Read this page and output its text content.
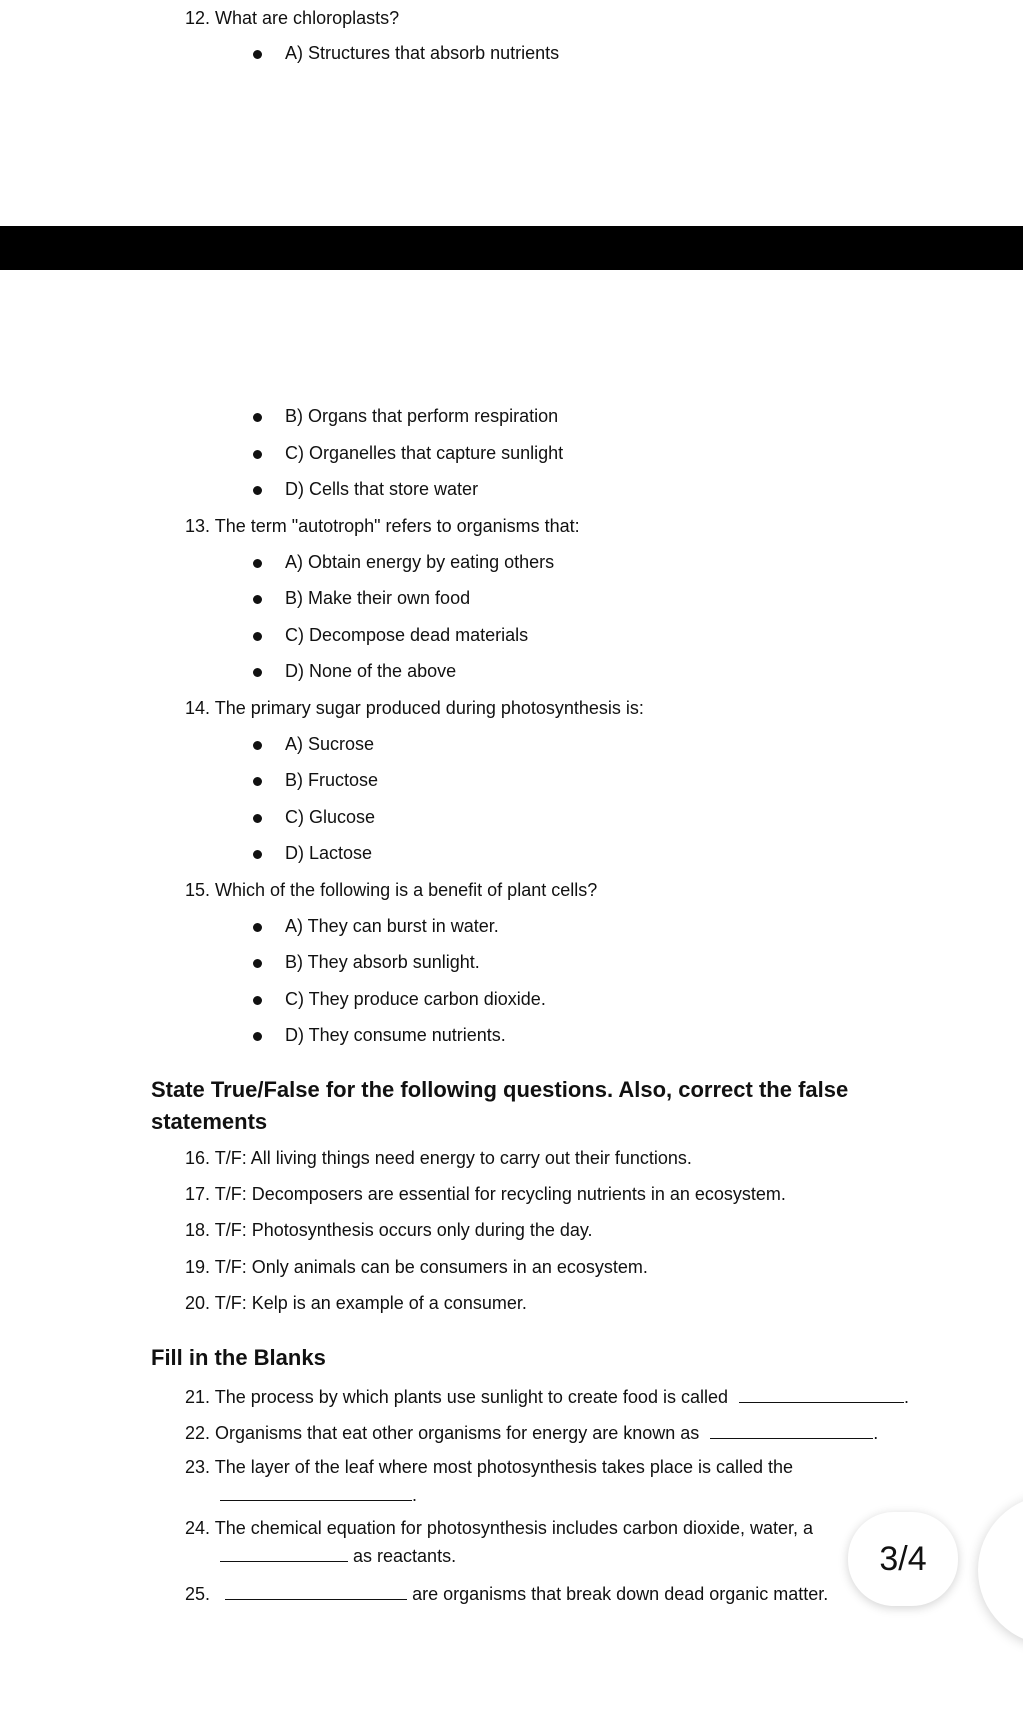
12. What are chloroplasts?
A) Structures that absorb nutrients
B) Organs that perform respiration
C) Organelles that capture sunlight
D) Cells that store water
13. The term "autotroph" refers to organisms that:
A) Obtain energy by eating others
B) Make their own food
C) Decompose dead materials
D) None of the above
14. The primary sugar produced during photosynthesis is:
A) Sucrose
B) Fructose
C) Glucose
D) Lactose
15. Which of the following is a benefit of plant cells?
A) They can burst in water.
B) They absorb sunlight.
C) They produce carbon dioxide.
D) They consume nutrients.
State True/False for the following questions. Also, correct the false
statements
16. T/F: All living things need energy to carry out their functions.
17. T/F: Decomposers are essential for recycling nutrients in an ecosystem.
18. T/F: Photosynthesis occurs only during the day.
19. T/F: Only animals can be consumers in an ecosystem.
20. T/F: Kelp is an example of a consumer.
Fill in the Blanks
21. The process by which plants use sunlight to create food is called	.
22. Organisms that eat other organisms for energy are known as	.
23. The layer of the leaf where most photosynthesis takes place is called the
.
24. The chemical equation for photosynthesis includes carbon dioxide, water, a
as reactants.
25.	are organisms that break down dead organic matter.
3/4
